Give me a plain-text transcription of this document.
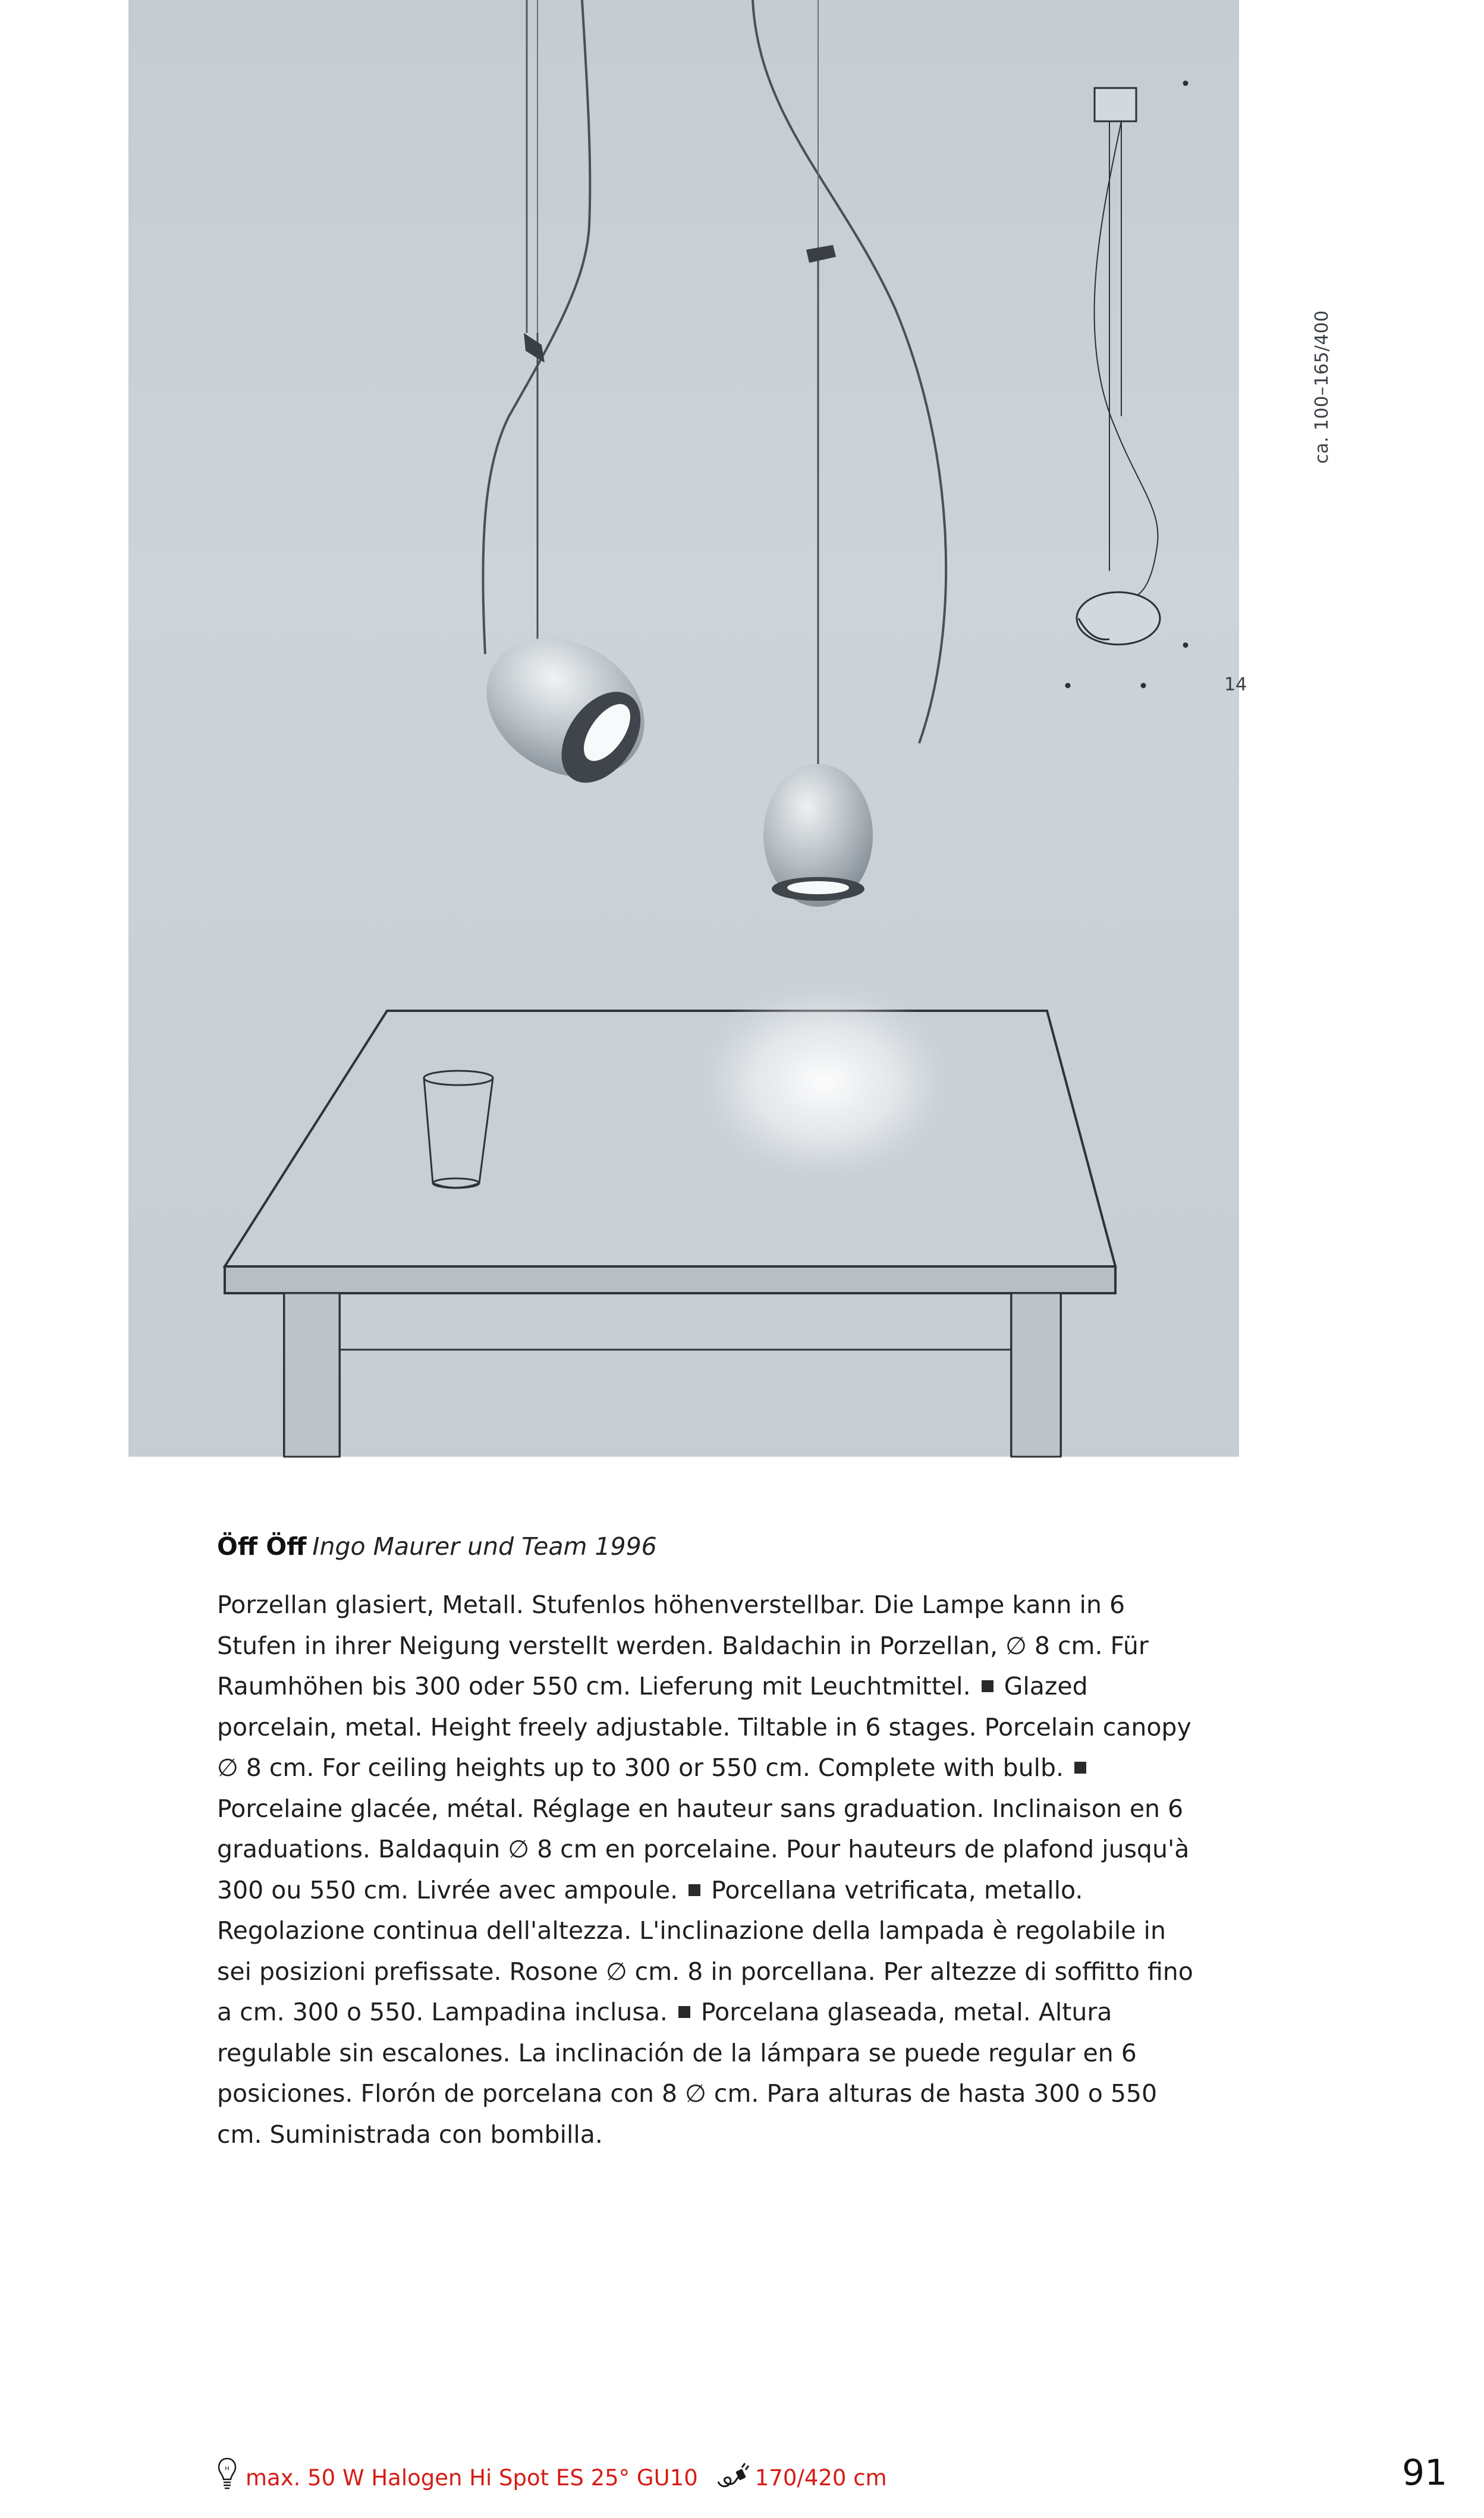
ca. 100–165/400
14
Öff Öff Ingo Maurer und Team 1996

Porzellan glasiert, Metall. Stufenlos höhenverstellbar. Die Lampe kann in 6 Stufen in ihrer Neigung verstellt werden. Baldachin in Porzellan, ∅ 8 cm. Für Raumhöhen bis 300 oder 550 cm. Lieferung mit Leuchtmittel. Glazed porcelain, metal. Height freely adjustable. Tiltable in 6 stages. Porcelain canopy ∅ 8 cm. For ceiling heights up to 300 or 550 cm. Complete with bulb.Porcelaine glacée, métal. Réglage en hauteur sans graduation. Inclinaison en 6 graduations. Baldaquin ∅ 8 cm en porcelaine. Pour hauteurs de plafond jusqu'à 300 ou 550 cm. Livrée avec ampoule. Porcellana vetrificata, metallo. Regolazione continua dell'altezza. L'inclinazione della lampada è regolabile in sei posizioni prefissate. Rosone ∅ cm. 8 in porcellana. Per altezze di soffitto fino a cm. 300 o 550. Lampadina inclusa. Porcelana glaseada, metal. Altura regulable sin escalones. La inclinación de la lámpara se puede regular en 6 posiciones. Florón de porcelana con 8 ∅ cm. Para alturas de hasta 300 o 550 cm. Suministrada con bombilla.

H max. 50 W Halogen Hi Spot ES 25° GU10	170/420 cm	91
